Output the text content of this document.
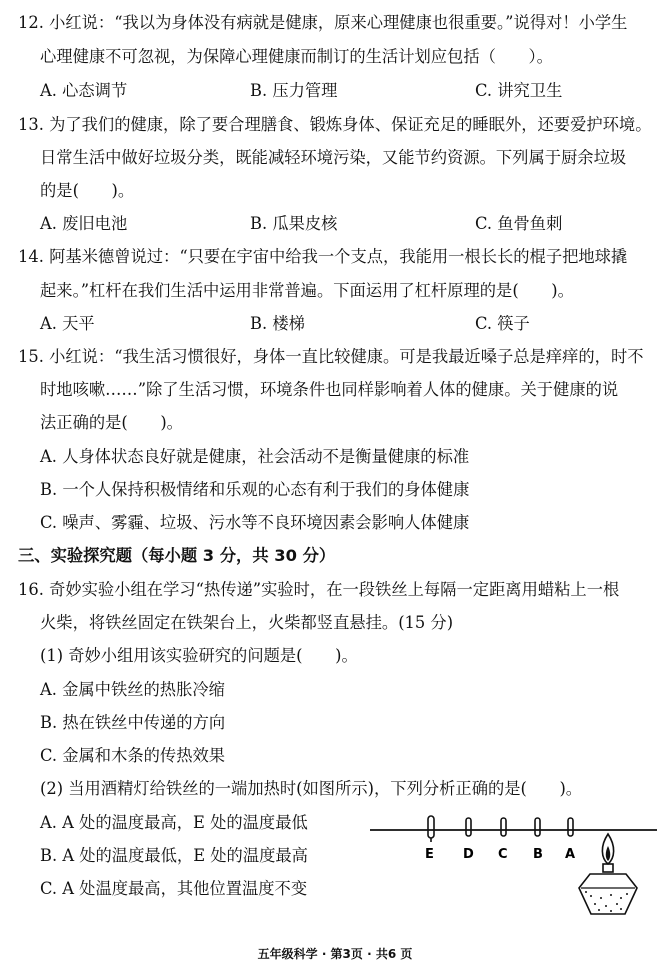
12. 小红说：“我以为身体没有病就是健康，原来心理健康也很重要。”说得对！小学生
心理健康不可忽视，为保障心理健康而制订的生活计划应包括（　　）。
A. 心态调节	B. 压力管理	C. 讲究卫生
13. 为了我们的健康，除了要合理膳食、锻炼身体、保证充足的睡眠外，还要爱护环境。
日常生活中做好垃圾分类，既能减轻环境污染，又能节约资源。下列属于厨余垃圾
的是(　　)。
A. 废旧电池	B. 瓜果皮核	C. 鱼骨鱼刺
14. 阿基米德曾说过：“只要在宇宙中给我一个支点，我能用一根长长的棍子把地球撬
起来。”杠杆在我们生活中运用非常普遍。下面运用了杠杆原理的是(　　)。
A. 天平	B. 楼梯	C. 筷子
15. 小红说：“我生活习惯很好，身体一直比较健康。可是我最近嗓子总是痒痒的，时不
时地咳嗽……”除了生活习惯，环境条件也同样影响着人体的健康。关于健康的说
法正确的是(　　)。
A. 人身体状态良好就是健康，社会活动不是衡量健康的标准
B. 一个人保持积极情绪和乐观的心态有利于我们的身体健康
C. 噪声、雾霾、垃圾、污水等不良环境因素会影响人体健康
三、实验探究题（每小题 3 分，共 30 分）
16. 奇妙实验小组在学习“热传递”实验时，在一段铁丝上每隔一定距离用蜡粘上一根
火柴，将铁丝固定在铁架台上，火柴都竖直悬挂。(15 分)
(1) 奇妙小组用该实验研究的问题是(　　)。
A. 金属中铁丝的热胀冷缩
B. 热在铁丝中传递的方向
C. 金属和木条的传热效果
(2) 当用酒精灯给铁丝的一端加热时(如图所示)，下列分析正确的是(　　)。
A. A 处的温度最高，E 处的温度最低
B. A 处的温度最低，E 处的温度最高
C. A 处温度最高，其他位置温度不变
E D C B A
五年级科学 · 第3页 · 共6 页
